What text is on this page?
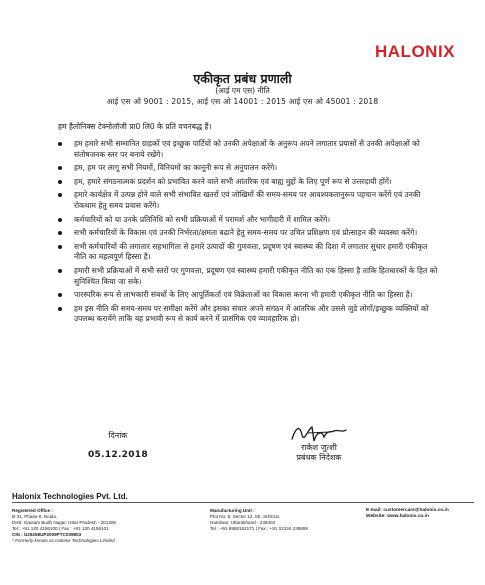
HALONIX
एकीकृत प्रबंध प्रणाली
(आई एम एस) नीति
आई एस ओ 9001 : 2015, आई एस ओ 14001 : 2015 आई एस ओ 45001 : 2018
हम हैलोनिक्स टेक्नोलॉजी प्रा0 लि0 के प्रति वचनबद्ध हैं।
हम हमारे सभी सम्मानित ग्राहकों एवं इच्छुक पार्टियों को उनकी अपेक्षाओं के अनुरूप अपने लगातार प्रयासों से उनकी अपेक्षाओं को संतोषजनक स्तर पर बनाये रखेंगे।
हम, हम पर लागू सभी नियमों, विनियमों का कानूनी रूप से अनुपालन करेंगे।
हम, हमारे संगठनात्मक प्रदर्शन को प्रभावित करने वाले सभी आंतरिक एवं बाह्य मुद्दों के लिए पूर्ण रूप से उत्तरदायी होंगें।
हमारे कार्यक्षेत्र में उत्पन्न होने वाले सभी संभावित खतरों एवं जोखिमों की समय-समय पर आवश्यकतानुरूप पहचान करेंगें एवं उनकी रोकथाम हेतु समय प्रयास करेंगे।
कर्मचारियों को या उनके प्रतिनिधि को सभी प्रक्रियाओं में परामर्श और भागीदारी में शामिल करेंगे।
सभी कर्मचारियों के विकास एवं उनकी निर्भरता/क्षमता बढाने हेतु समय-समय पर उचित प्रशिक्षण एवं प्रोत्साहन की व्यवस्था करेंगे।
सभी कर्मचारियों की लगातार सहभागिता से हमारे उत्पादों की गुणवत्ता, प्रदूषण एवं स्वास्थ्य की दिशा में लगातार सुधार हमारी एकीकृत नीति का महत्वपूर्ण हिस्सा है।
हमारी सभी प्रक्रियाओं में सभी स्तरों पर गुणवत्ता, प्रदूषण एवं स्वास्थ्य हमारी एकीकृत नीति का एक हिस्सा है ताकि हितधारकों के हित को सुनिश्चित किया जा सके।
पारस्परिक रूप से लाभकारी संबधों के लिए आपूर्तिकर्ता एवं विक्रेताओं का विकास करना भी हमारी एकीकृत नीति का हिस्सा है।
हम इस नीति की समय-समय पर समीक्षा करेंगे और इसका संचार अपने संगठन में आंतरिक और उससे जुडे लोगों/इच्छुक व्यक्तियों को उपलब्ध करायेंगे ताकि यह प्रभावी रूप से कार्य करने में प्रासंगिक एवं व्यावहारिक हो।
दिनांक
05.12.2018
राकेश जुत्शी
प्रबंधक निदेशक
Halonix Technologies Pvt. Ltd.
Registered Office :
B-31, Phase-II, Noida,
Distt. Gautam Budh Nagar, Uttar Pradesh - 201305
Tel : +91 120 4156100 | Fax : +91 120 4156101
CIN : U29268UP2009PTC039803
* Formerly known as Halonix Technologies Limited
Manufacturing Unit :
Plot No. 5, Sector 12, IIE, SIDCUL
Haridwar, Uttarakhand - 249403
Tel : +91 9958152171 | Fax : +91 01334 239896
E-mail: customercare@halonix.co.in
Website: www.halonix.co.in
